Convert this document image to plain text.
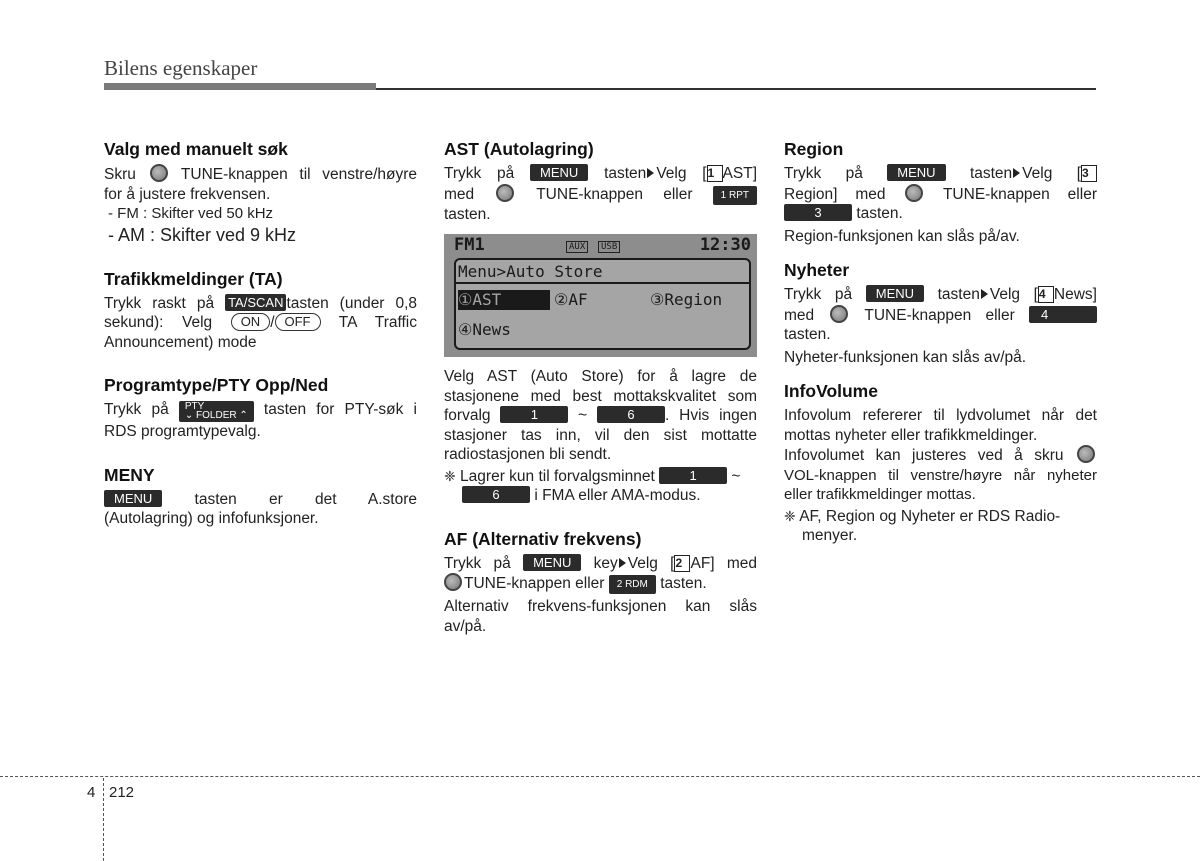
Bilens egenskaper
Valg med manuelt søk

Skru	TUNE-knappen til venstre/høyre

for å justere frekvensen.

- FM : Skifter ved 50 kHz

- AM : Skifter ved 9 kHz

Trafikkmeldinger (TA)

Trykk raskt på TA/SCAN tasten (under 0,8

sekund): Velg ON / OFF TA Traffic

Announcement) mode

Programtype/PTY Opp/Ned

Trykk på PTY
⌄ FOLDER ⌃ tasten for PTY-søk i

RDS programtypevalg.

MENY

MENU	tasten er det A.store

(Autolagring) og infofunksjoner.

AST (Autolagring)

Trykk på MENU tasten Velg [1 AST]

med	TUNE-knappen eller	1 RPT

tasten.

FM1	AUX	USB	12:30
Menu>Auto Store
①AST	②AF	③Region
④News

Velg AST (Auto Store) for å lagre de stasjonene med best mottakskvalitet som forvalg	1	~	6 . Hvis ingen stasjoner tas inn, vil den sist mottatte radiostasjonen bli sendt.

❈ Lagrer kun til forvalgsminnet	1 ~

6 i FMA eller AMA-modus.

AF (Alternativ frekvens)

Trykk på MENU key Velg [2 AF] med

TUNE-knappen eller 2 RDM tasten.

Alternativ frekvens-funksjonen kan slås av/på.

Region

Trykk på	MENU tasten Velg [3

Region] med	TUNE-knappen eller

3 tasten.

Region-funksjonen kan slås på/av.

Nyheter

Trykk på MENU tasten Velg [4 News]

med	TUNE-knappen eller 4

tasten.

Nyheter-funksjonen kan slås av/på.

InfoVolume

Infovolum refererer til lydvolumet når det mottas nyheter eller trafikkmeldinger.

Infovolumet kan justeres ved å skru

VOL-knappen til venstre/høyre når nyheter eller trafikkmeldinger mottas.

❈ AF, Region og Nyheter er RDS Radio-menyer.

4 212
